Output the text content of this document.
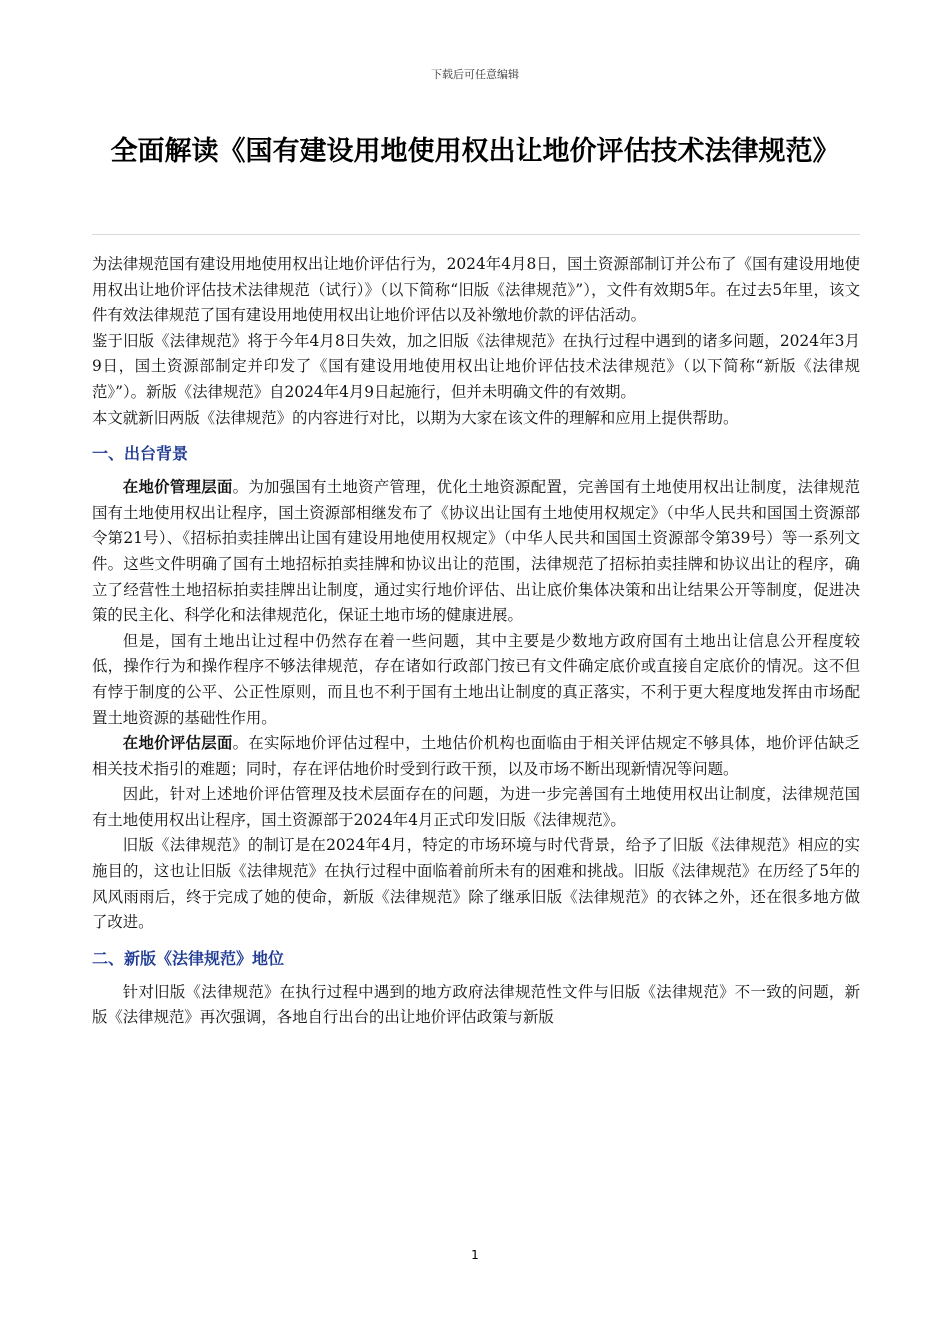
下载后可任意编辑
全面解读《国有建设用地使用权出让地价评估技术法律规范》

为法律规范国有建设用地使用权出让地价评估行为，2024年4月8日，国土资源部制订并公布了《国有建设用地使用权出让地价评估技术法律规范（试行）》（以下简称“旧版《法律规范》”），文件有效期5年。在过去5年里，该文件有效法律规范了国有建设用地使用权出让地价评估以及补缴地价款的评估活动。

鉴于旧版《法律规范》将于今年4月8日失效，加之旧版《法律规范》在执行过程中遇到的诸多问题，2024年3月9日，国土资源部制定并印发了《国有建设用地使用权出让地价评估技术法律规范》（以下简称“新版《法律规范》”）。新版《法律规范》自2024年4月9日起施行，但并未明确文件的有效期。

本文就新旧两版《法律规范》的内容进行对比，以期为大家在该文件的理解和应用上提供帮助。

一、出台背景

在地价管理层面。为加强国有土地资产管理，优化土地资源配置，完善国有土地使用权出让制度，法律规范国有土地使用权出让程序，国土资源部相继发布了《协议出让国有土地使用权规定》（中华人民共和国国土资源部令第21号）、《招标拍卖挂牌出让国有建设用地使用权规定》（中华人民共和国国土资源部令第39号）等一系列文件。这些文件明确了国有土地招标拍卖挂牌和协议出让的范围，法律规范了招标拍卖挂牌和协议出让的程序，确立了经营性土地招标拍卖挂牌出让制度，通过实行地价评估、出让底价集体决策和出让结果公开等制度，促进决策的民主化、科学化和法律规范化，保证土地市场的健康进展。

但是，国有土地出让过程中仍然存在着一些问题，其中主要是少数地方政府国有土地出让信息公开程度较低，操作行为和操作程序不够法律规范，存在诸如行政部门按已有文件确定底价或直接自定底价的情况。这不但有悖于制度的公平、公正性原则，而且也不利于国有土地出让制度的真正落实，不利于更大程度地发挥由市场配置土地资源的基础性作用。

在地价评估层面。在实际地价评估过程中，土地估价机构也面临由于相关评估规定不够具体，地价评估缺乏相关技术指引的难题；同时，存在评估地价时受到行政干预，以及市场不断出现新情况等问题。

因此，针对上述地价评估管理及技术层面存在的问题，为进一步完善国有土地使用权出让制度，法律规范国有土地使用权出让程序，国土资源部于2024年4月正式印发旧版《法律规范》。

旧版《法律规范》的制订是在2024年4月，特定的市场环境与时代背景，给予了旧版《法律规范》相应的实施目的，这也让旧版《法律规范》在执行过程中面临着前所未有的困难和挑战。旧版《法律规范》在历经了5年的风风雨雨后，终于完成了她的使命，新版《法律规范》除了继承旧版《法律规范》的衣钵之外，还在很多地方做了改进。

二、新版《法律规范》地位

针对旧版《法律规范》在执行过程中遇到的地方政府法律规范性文件与旧版《法律规范》不一致的问题，新版《法律规范》再次强调，各地自行出台的出让地价评估政策与新版

1
